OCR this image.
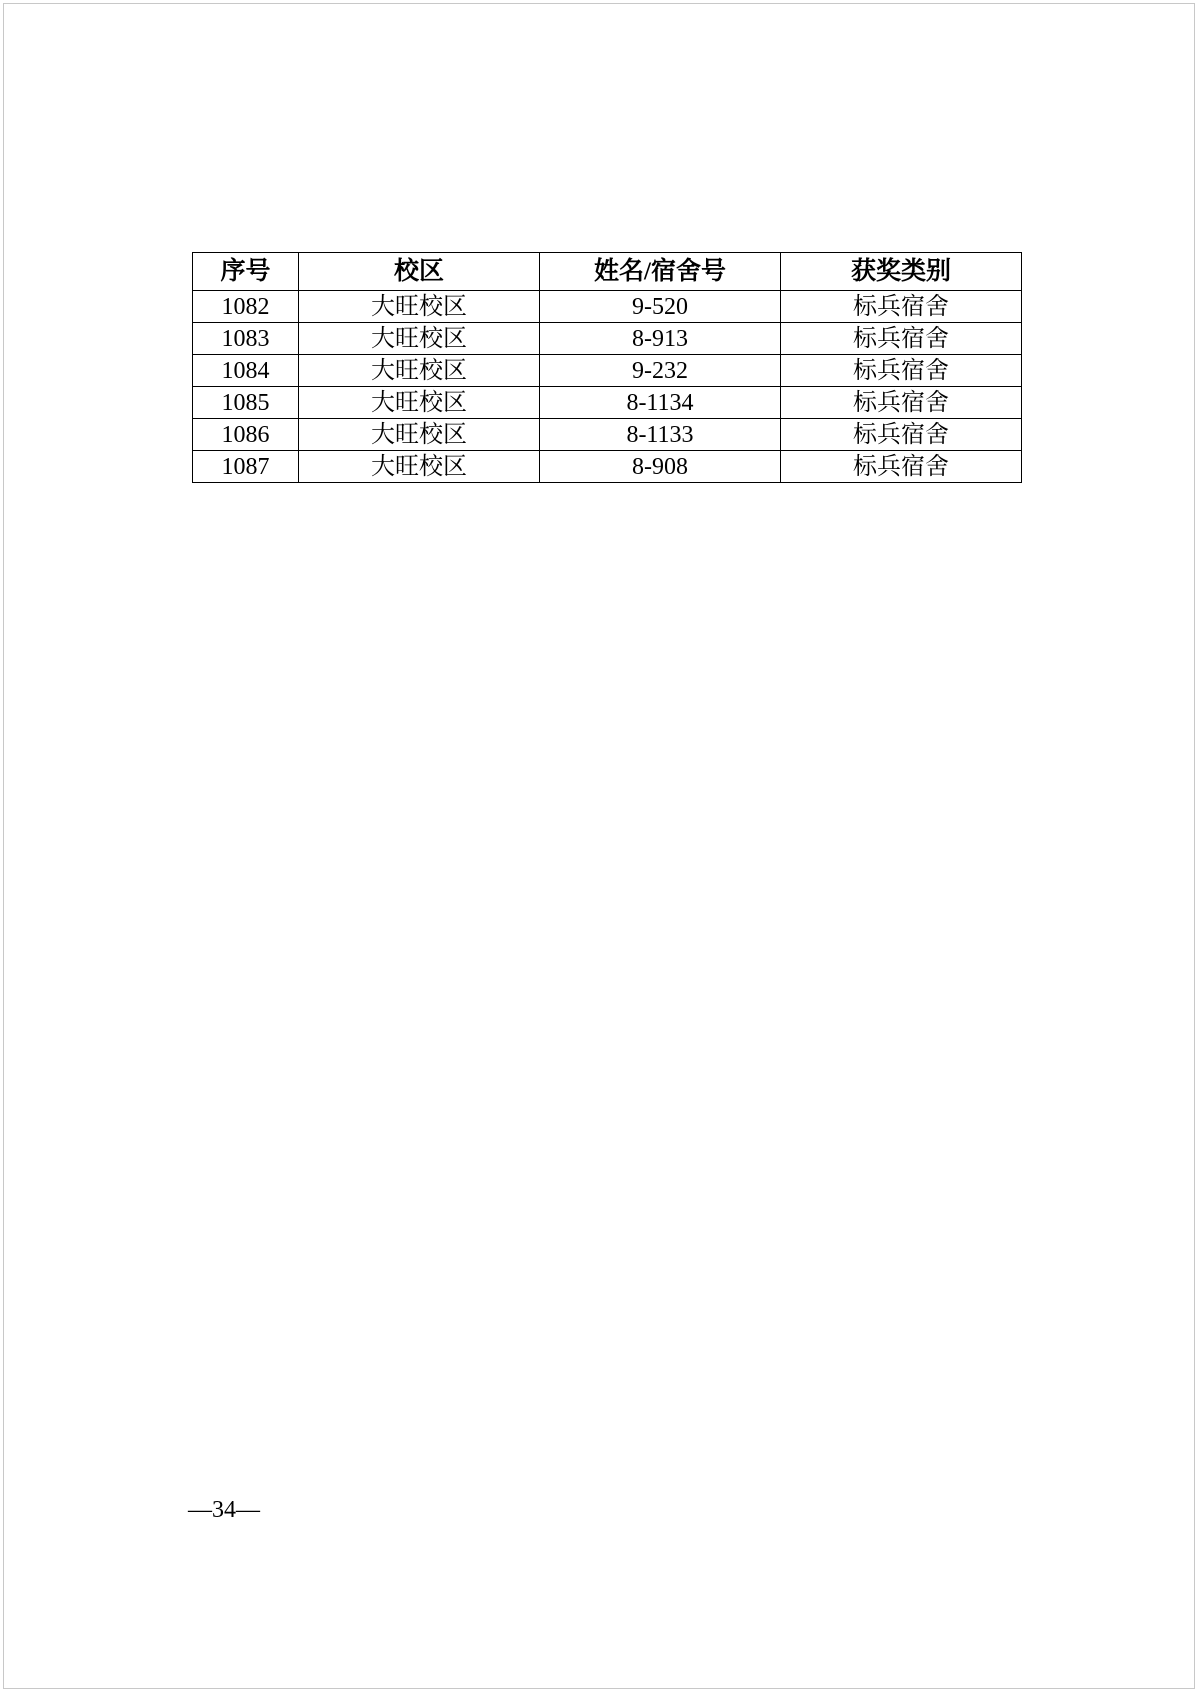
序号	校区	姓名/宿舍号	获奖类别
1082	大旺校区	9-520	标兵宿舍
1083	大旺校区	8-913	标兵宿舍
1084	大旺校区	9-232	标兵宿舍
1085	大旺校区	8-1134	标兵宿舍
1086	大旺校区	8-1133	标兵宿舍
1087	大旺校区	8-908	标兵宿舍
—34—
